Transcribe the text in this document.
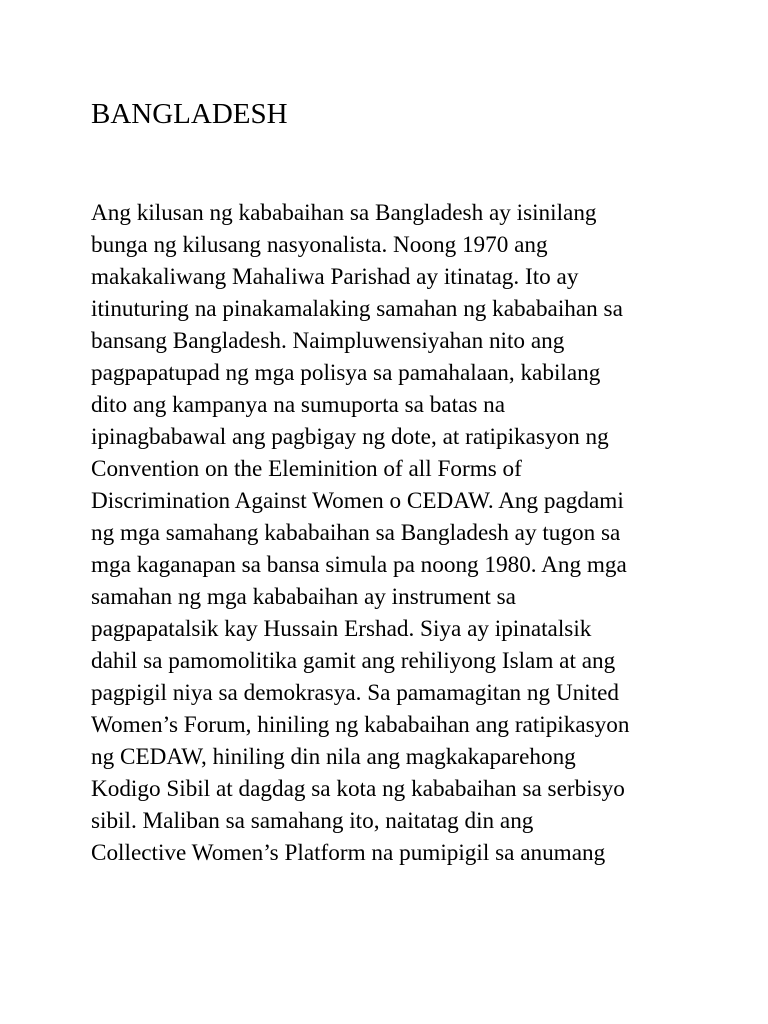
BANGLADESH
Ang kilusan ng kababaihan sa Bangladesh ay isinilang
bunga ng kilusang nasyonalista. Noong 1970 ang
makakaliwang Mahaliwa Parishad ay itinatag. Ito ay
itinuturing na pinakamalaking samahan ng kababaihan sa
bansang Bangladesh. Naimpluwensiyahan nito ang
pagpapatupad ng mga polisya sa pamahalaan, kabilang
dito ang kampanya na sumuporta sa batas na
ipinagbabawal ang pagbigay ng dote, at ratipikasyon ng
Convention on the Eleminition of all Forms of
Discrimination Against Women o CEDAW. Ang pagdami
ng mga samahang kababaihan sa Bangladesh ay tugon sa
mga kaganapan sa bansa simula pa noong 1980. Ang mga
samahan ng mga kababaihan ay instrument sa
pagpapatalsik kay Hussain Ershad. Siya ay ipinatalsik
dahil sa pamomolitika gamit ang rehiliyong Islam at ang
pagpigil niya sa demokrasya. Sa pamamagitan ng United
Women’s Forum, hiniling ng kababaihan ang ratipikasyon
ng CEDAW, hiniling din nila ang magkakaparehong
Kodigo Sibil at dagdag sa kota ng kababaihan sa serbisyo
sibil. Maliban sa samahang ito, naitatag din ang
Collective Women’s Platform na pumipigil sa anumang
